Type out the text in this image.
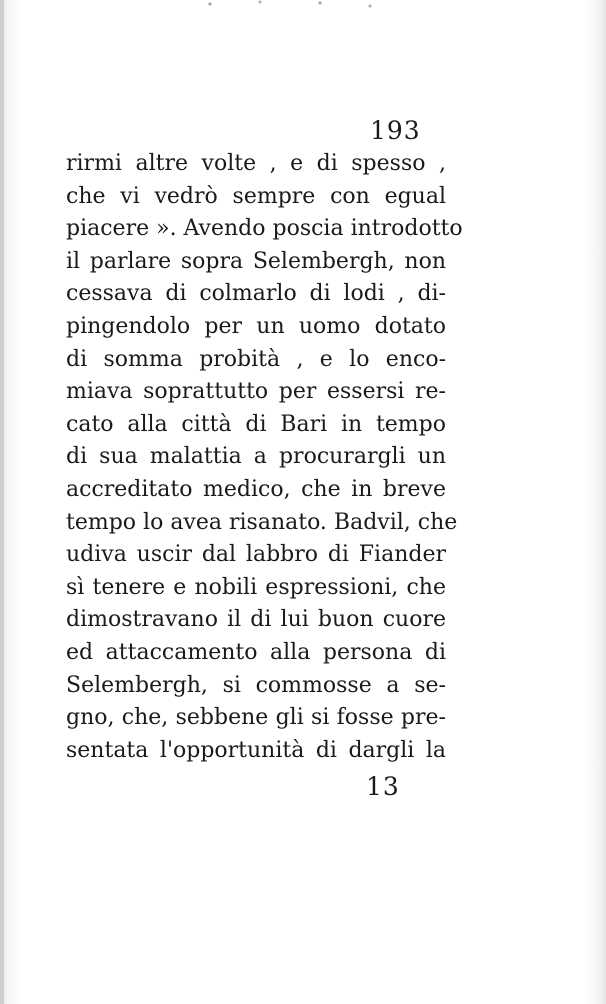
193
rirmi altre volte , e di spesso ,
che vi vedrò sempre con egual
piacere ». Avendo poscia introdotto
il parlare sopra Selembergh, non
cessava di colmarlo di lodi , di-
pingendolo per un uomo dotato
di somma probità , e lo enco-
miava soprattutto per essersi re-
cato alla città di Bari in tempo
di sua malattia a procurargli un
accreditato medico, che in breve
tempo lo avea risanato. Badvil, che
udiva uscir dal labbro di Fiander
sì tenere e nobili espressioni, che
dimostravano il di lui buon cuore
ed attaccamento alla persona di
Selembergh, si commosse a se-
gno, che, sebbene gli si fosse pre-
sentata l'opportunità di dargli la
13
